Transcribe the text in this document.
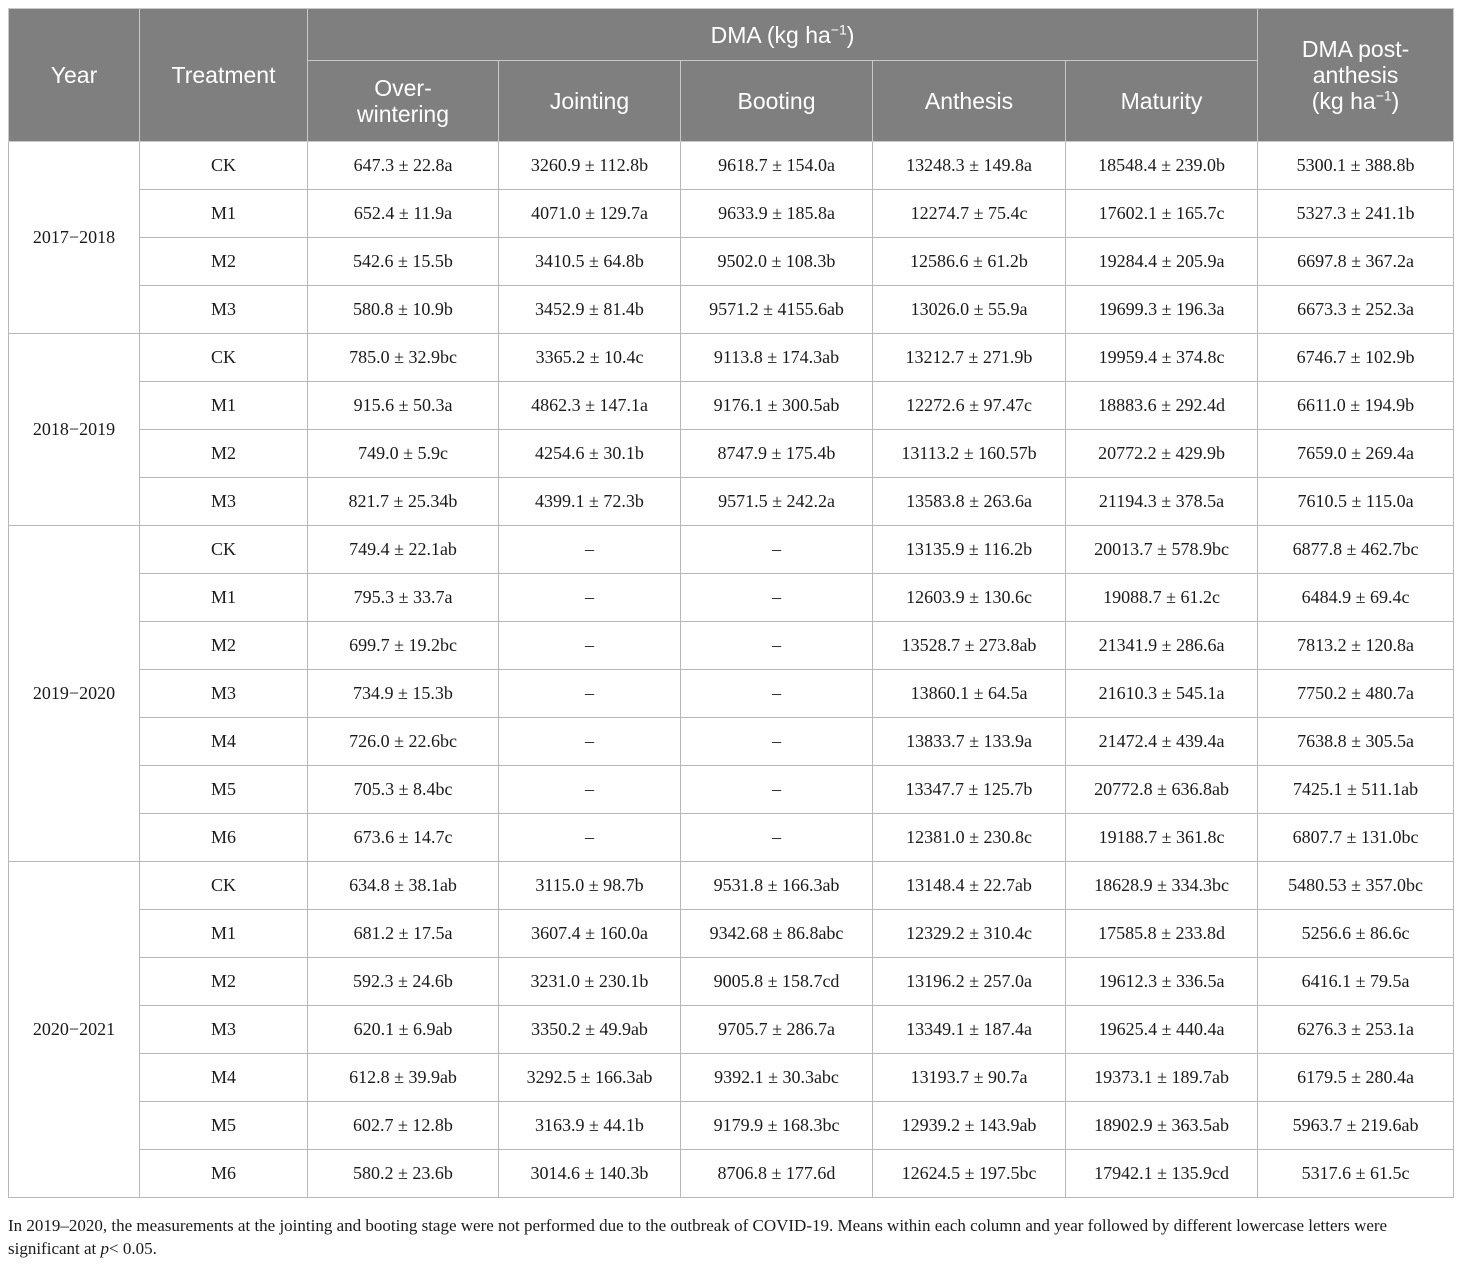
Year	Treatment	DMA (kg $ha^{-1}$)					DMA post-
anthesis
(kg $ha^{-1}$)
		Over-
wintering	Jointing	Booting	Anthesis	Maturity	
2017−2018	CK	647.3 ± 22.8a	3260.9 ± 112.8b	9618.7 ± 154.0a	13248.3 ± 149.8a	18548.4 ± 239.0b	5300.1 ± 388.8b
	M1	652.4 ± 11.9a	4071.0 ± 129.7a	9633.9 ± 185.8a	12274.7 ± 75.4c	17602.1 ± 165.7c	5327.3 ± 241.1b
	M2	542.6 ± 15.5b	3410.5 ± 64.8b	9502.0 ± 108.3b	12586.6 ± 61.2b	19284.4 ± 205.9a	6697.8 ± 367.2a
	M3	580.8 ± 10.9b	3452.9 ± 81.4b	9571.2 ± 4155.6ab	13026.0 ± 55.9a	19699.3 ± 196.3a	6673.3 ± 252.3a
2018−2019	CK	785.0 ± 32.9bc	3365.2 ± 10.4c	9113.8 ± 174.3ab	13212.7 ± 271.9b	19959.4 ± 374.8c	6746.7 ± 102.9b
	M1	915.6 ± 50.3a	4862.3 ± 147.1a	9176.1 ± 300.5ab	12272.6 ± 97.47c	18883.6 ± 292.4d	6611.0 ± 194.9b
	M2	749.0 ± 5.9c	4254.6 ± 30.1b	8747.9 ± 175.4b	13113.2 ± 160.57b	20772.2 ± 429.9b	7659.0 ± 269.4a
	M3	821.7 ± 25.34b	4399.1 ± 72.3b	9571.5 ± 242.2a	13583.8 ± 263.6a	21194.3 ± 378.5a	7610.5 ± 115.0a
2019−2020	CK	749.4 ± 22.1ab	–	–	13135.9 ± 116.2b	20013.7 ± 578.9bc	6877.8 ± 462.7bc
	M1	795.3 ± 33.7a	–	–	12603.9 ± 130.6c	19088.7 ± 61.2c	6484.9 ± 69.4c
	M2	699.7 ± 19.2bc	–	–	13528.7 ± 273.8ab	21341.9 ± 286.6a	7813.2 ± 120.8a
	M3	734.9 ± 15.3b	–	–	13860.1 ± 64.5a	21610.3 ± 545.1a	7750.2 ± 480.7a
	M4	726.0 ± 22.6bc	–	–	13833.7 ± 133.9a	21472.4 ± 439.4a	7638.8 ± 305.5a
	M5	705.3 ± 8.4bc	–	–	13347.7 ± 125.7b	20772.8 ± 636.8ab	7425.1 ± 511.1ab
	M6	673.6 ± 14.7c	–	–	12381.0 ± 230.8c	19188.7 ± 361.8c	6807.7 ± 131.0bc
2020−2021	CK	634.8 ± 38.1ab	3115.0 ± 98.7b	9531.8 ± 166.3ab	13148.4 ± 22.7ab	18628.9 ± 334.3bc	5480.53 ± 357.0bc
	M1	681.2 ± 17.5a	3607.4 ± 160.0a	9342.68 ± 86.8abc	12329.2 ± 310.4c	17585.8 ± 233.8d	5256.6 ± 86.6c
	M2	592.3 ± 24.6b	3231.0 ± 230.1b	9005.8 ± 158.7cd	13196.2 ± 257.0a	19612.3 ± 336.5a	6416.1 ± 79.5a
	M3	620.1 ± 6.9ab	3350.2 ± 49.9ab	9705.7 ± 286.7a	13349.1 ± 187.4a	19625.4 ± 440.4a	6276.3 ± 253.1a
	M4	612.8 ± 39.9ab	3292.5 ± 166.3ab	9392.1 ± 30.3abc	13193.7 ± 90.7a	19373.1 ± 189.7ab	6179.5 ± 280.4a
	M5	602.7 ± 12.8b	3163.9 ± 44.1b	9179.9 ± 168.3bc	12939.2 ± 143.9ab	18902.9 ± 363.5ab	5963.7 ± 219.6ab
	M6	580.2 ± 23.6b	3014.6 ± 140.3b	8706.8 ± 177.6d	12624.5 ± 197.5bc	17942.1 ± 135.9cd	5317.6 ± 61.5c
In 2019–2020, the measurements at the jointing and booting stage were not performed due to the outbreak of COVID-19. Means within each column and year followed by different lowercase letters were significant at p< 0.05.
